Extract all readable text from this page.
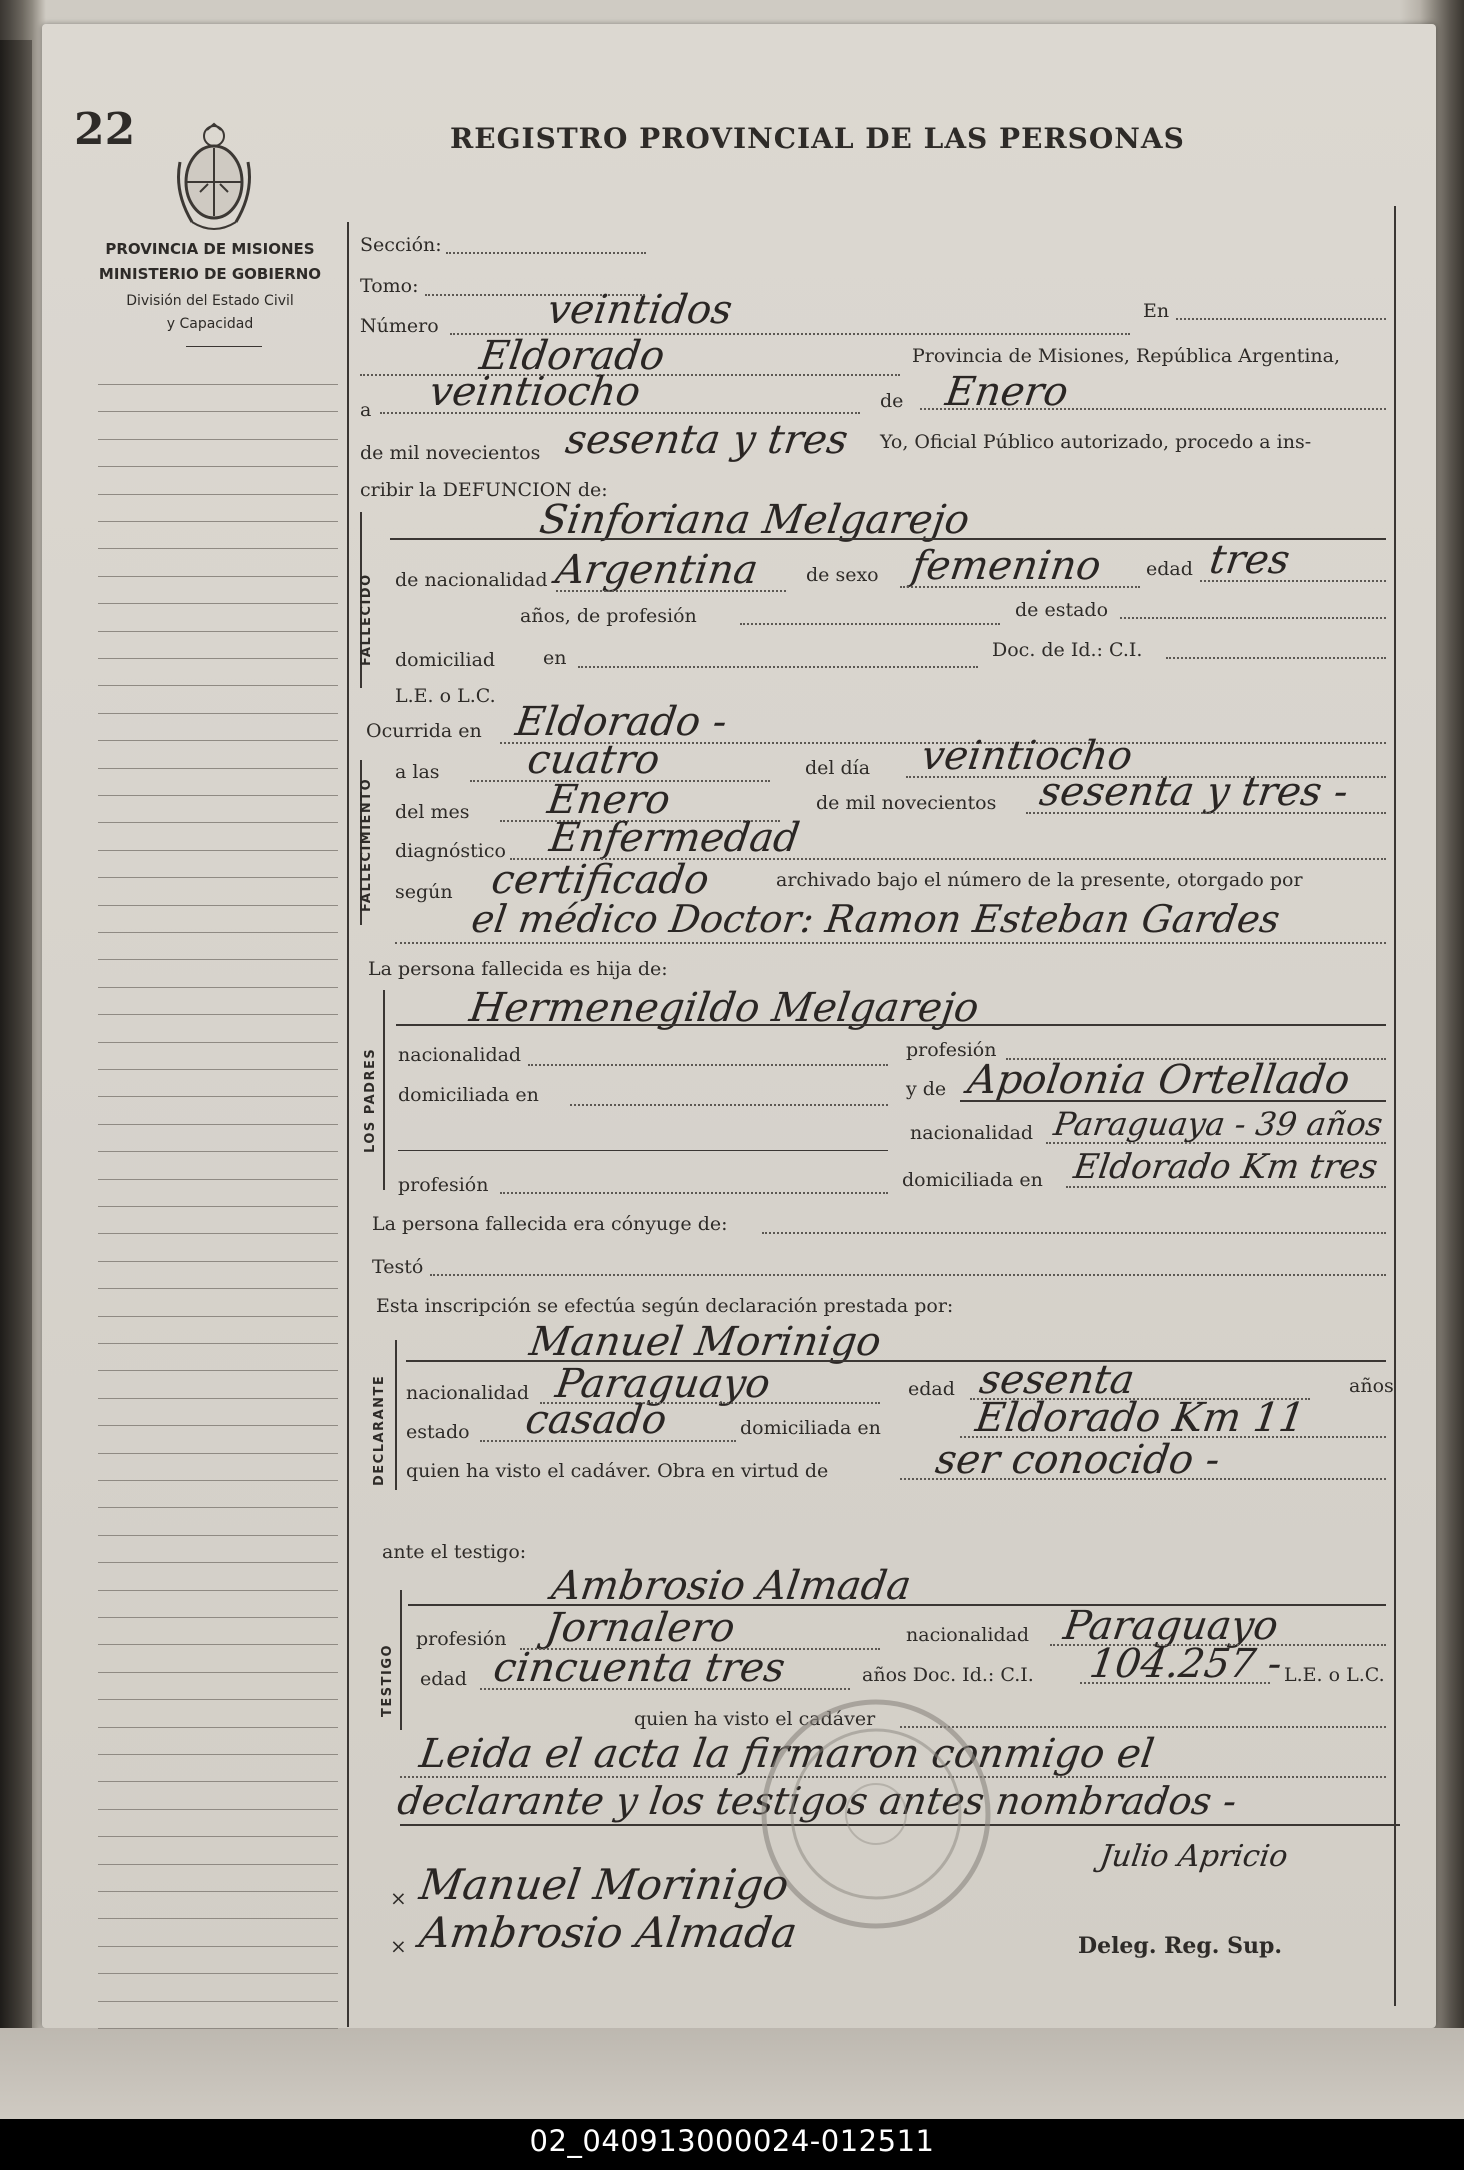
22	REGISTRO PROVINCIAL DE LAS PERSONAS
PROVINCIA DE MISIONES
MINISTERIO DE GOBIERNO
División del Estado Civil
y Capacidad
Sección:
Tomo:
Número	veintidos	En
Eldorado	Provincia de Misiones, República Argentina,
a veintiocho	de Enero
de mil novecientos sesenta y tres Yo, Oficial Público autorizado, procedo a ins-
cribir la DEFUNCION de:
FALLECIDO
Sinforiana Melgarejo
de nacionalidad Argentina de sexo femenino edad tres
años, de profesión	de estado
domiciliad	en	Doc. de Id.: C.I.
L.E. o L.C.
Ocurrida en Eldorado -
FALLECIMIENTO
a las cuatro	del día veintiocho
del mes Enero	de mil novecientos sesenta y tres -
diagnóstico Enfermedad
según certificado	archivado bajo el número de la presente, otorgado por
el médico Doctor: Ramon Esteban Gardes
La persona fallecida es hija de:
LOS PADRES
Hermenegildo Melgarejo
nacionalidad	profesión
domiciliada en	y de Apolonia Ortellado
nacionalidad Paraguaya - 39 años
profesión	domiciliada en Eldorado Km tres
La persona fallecida era cónyuge de:
Testó
Esta inscripción se efectúa según declaración prestada por:
DECLARANTE
Manuel Morinigo
nacionalidad Paraguayo	edad sesenta	años
estado casado	domiciliada en Eldorado Km 11
quien ha visto el cadáver. Obra en virtud de	ser conocido -
ante el testigo:
TESTIGO
Ambrosio Almada
profesión Jornalero	nacionalidad Paraguayo
edad cincuenta tres	años Doc. Id.: C.I. 104.257 - L.E. o L.C.
quien ha visto el cadáver
Leida el acta la firmaron conmigo el
declarante y los testigos antes nombrados -
Manuel Morinigo
Ambrosio Almada
Julio Apricio
Deleg. Reg. Sup.
×
×
02_040913000024-012511
